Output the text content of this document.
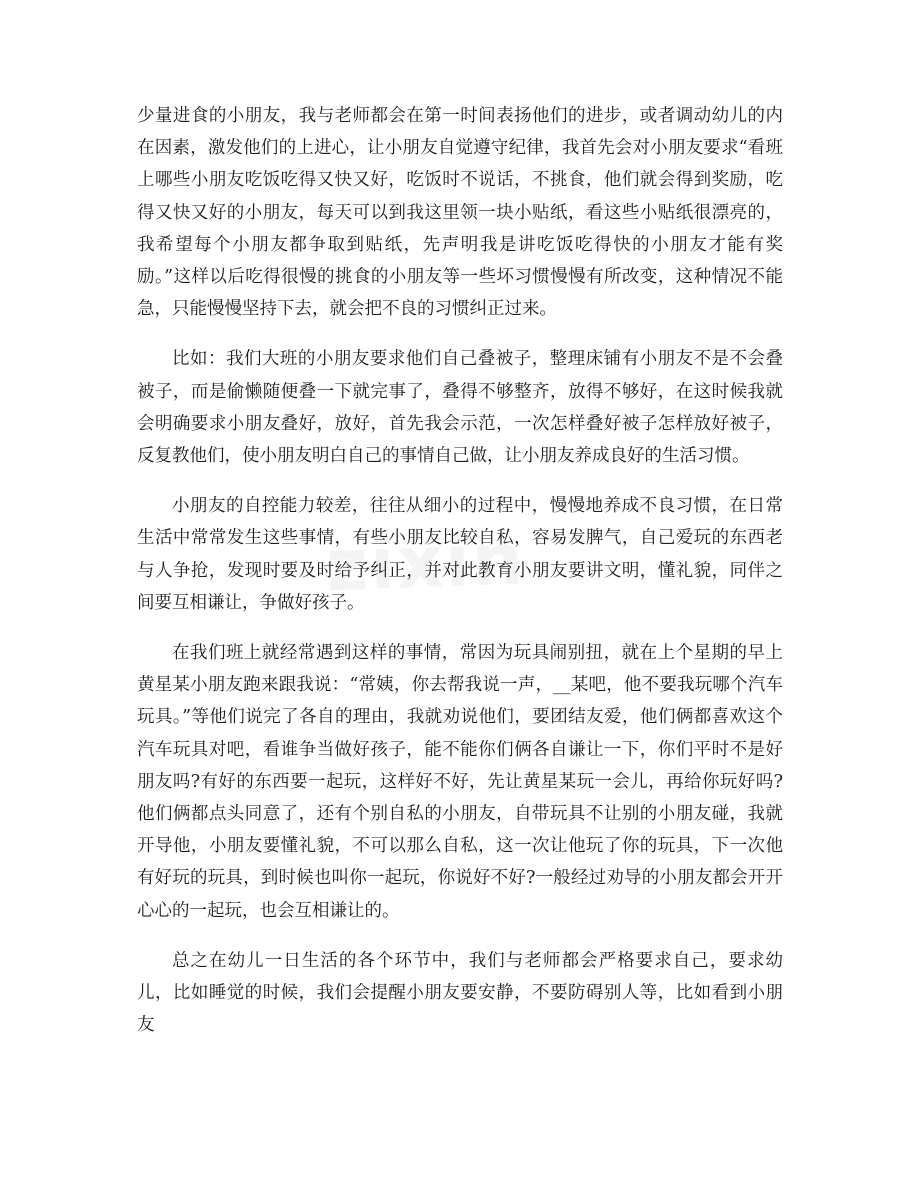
少量进食的小朋友，我与老师都会在第一时间表扬他们的进步，或者调动幼儿的内在因素，激发他们的上进心，让小朋友自觉遵守纪律，我首先会对小朋友要求“看班上哪些小朋友吃饭吃得又快又好，吃饭时不说话，不挑食，他们就会得到奖励，吃得又快又好的小朋友，每天可以到我这里领一块小贴纸，看这些小贴纸很漂亮的，我希望每个小朋友都争取到贴纸，先声明我是讲吃饭吃得快的小朋友才能有奖励。”这样以后吃得很慢的挑食的小朋友等一些坏习惯慢慢有所改变，这种情况不能急，只能慢慢坚持下去，就会把不良的习惯纠正过来。

比如：我们大班的小朋友要求他们自己叠被子，整理床铺有小朋友不是不会叠被子，而是偷懒随便叠一下就完事了，叠得不够整齐，放得不够好，在这时候我就会明确要求小朋友叠好，放好，首先我会示范，一次怎样叠好被子怎样放好被子，反复教他们，使小朋友明白自己的事情自己做，让小朋友养成良好的生活习惯。

小朋友的自控能力较差，往往从细小的过程中，慢慢地养成不良习惯，在日常生活中常常发生这些事情，有些小朋友比较自私，容易发脾气，自己爱玩的东西老与人争抢，发现时要及时给予纠正，并对此教育小朋友要讲文明，懂礼貌，同伴之间要互相谦让，争做好孩子。

在我们班上就经常遇到这样的事情，常因为玩具闹别扭，就在上个星期的早上黄星某小朋友跑来跟我说：“常姨，你去帮我说一声，__某吧，他不要我玩哪个汽车玩具。”等他们说完了各自的理由，我就劝说他们，要团结友爱，他们俩都喜欢这个汽车玩具对吧，看谁争当做好孩子，能不能你们俩各自谦让一下，你们平时不是好朋友吗?有好的东西要一起玩，这样好不好，先让黄星某玩一会儿，再给你玩好吗?他们俩都点头同意了，还有个别自私的小朋友，自带玩具不让别的小朋友碰，我就开导他，小朋友要懂礼貌，不可以那么自私，这一次让他玩了你的玩具，下一次他有好玩的玩具，到时候也叫你一起玩，你说好不好?一般经过劝导的小朋友都会开开心心的一起玩，也会互相谦让的。

总之在幼儿一日生活的各个环节中，我们与老师都会严格要求自己，要求幼儿，比如睡觉的时候，我们会提醒小朋友要安静，不要防碍别人等，比如看到小朋友
